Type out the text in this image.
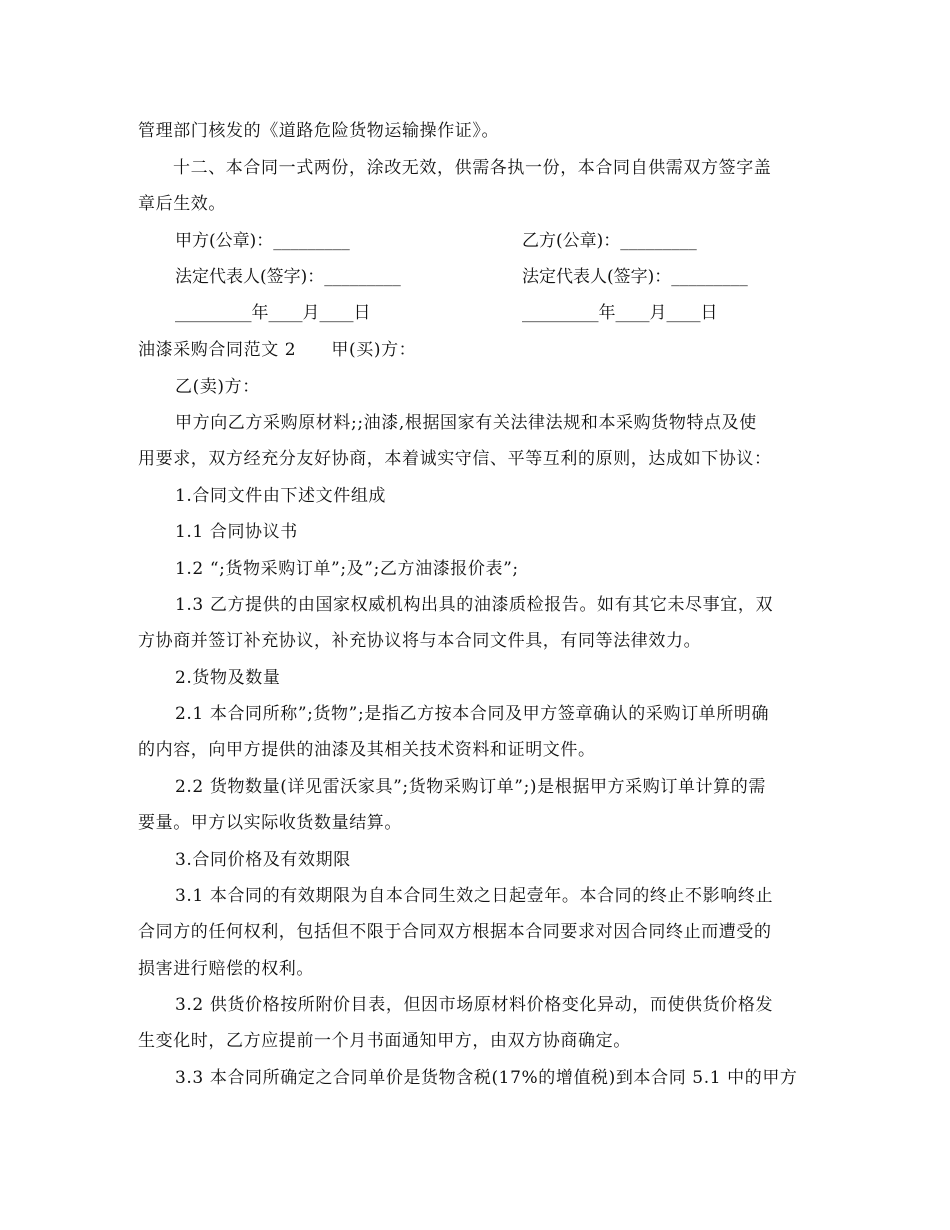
管理部门核发的《道路危险货物运输操作证》。
十二、本合同一式两份，涂改无效，供需各执一份，本合同自供需双方签字盖
章后生效。
甲方(公章)：_________	乙方(公章)：_________
法定代表人(签字)：_________	法定代表人(签字)：_________
_________年____月____日	_________年____月____日
油漆采购合同范文 2　　甲(买)方：
乙(卖)方：
甲方向乙方采购原材料;;油漆,根据国家有关法律法规和本采购货物特点及使
用要求，双方经充分友好协商，本着诚实守信、平等互利的原则，达成如下协议：
1.合同文件由下述文件组成
1.1 合同协议书
1.2 “;货物采购订单”;及”;乙方油漆报价表”;
1.3 乙方提供的由国家权威机构出具的油漆质检报告。如有其它未尽事宜，双
方协商并签订补充协议，补充协议将与本合同文件具，有同等法律效力。
2.货物及数量
2.1 本合同所称”;货物”;是指乙方按本合同及甲方签章确认的采购订单所明确
的内容，向甲方提供的油漆及其相关技术资料和证明文件。
2.2 货物数量(详见雷沃家具”;货物采购订单”;)是根据甲方采购订单计算的需
要量。甲方以实际收货数量结算。
3.合同价格及有效期限
3.1 本合同的有效期限为自本合同生效之日起壹年。本合同的终止不影响终止
合同方的任何权利，包括但不限于合同双方根据本合同要求对因合同终止而遭受的
损害进行赔偿的权利。
3.2 供货价格按所附价目表，但因市场原材料价格变化异动，而使供货价格发
生变化时，乙方应提前一个月书面通知甲方，由双方协商确定。
3.3 本合同所确定之合同单价是货物含税(17%的增值税)到本合同 5.1 中的甲方
